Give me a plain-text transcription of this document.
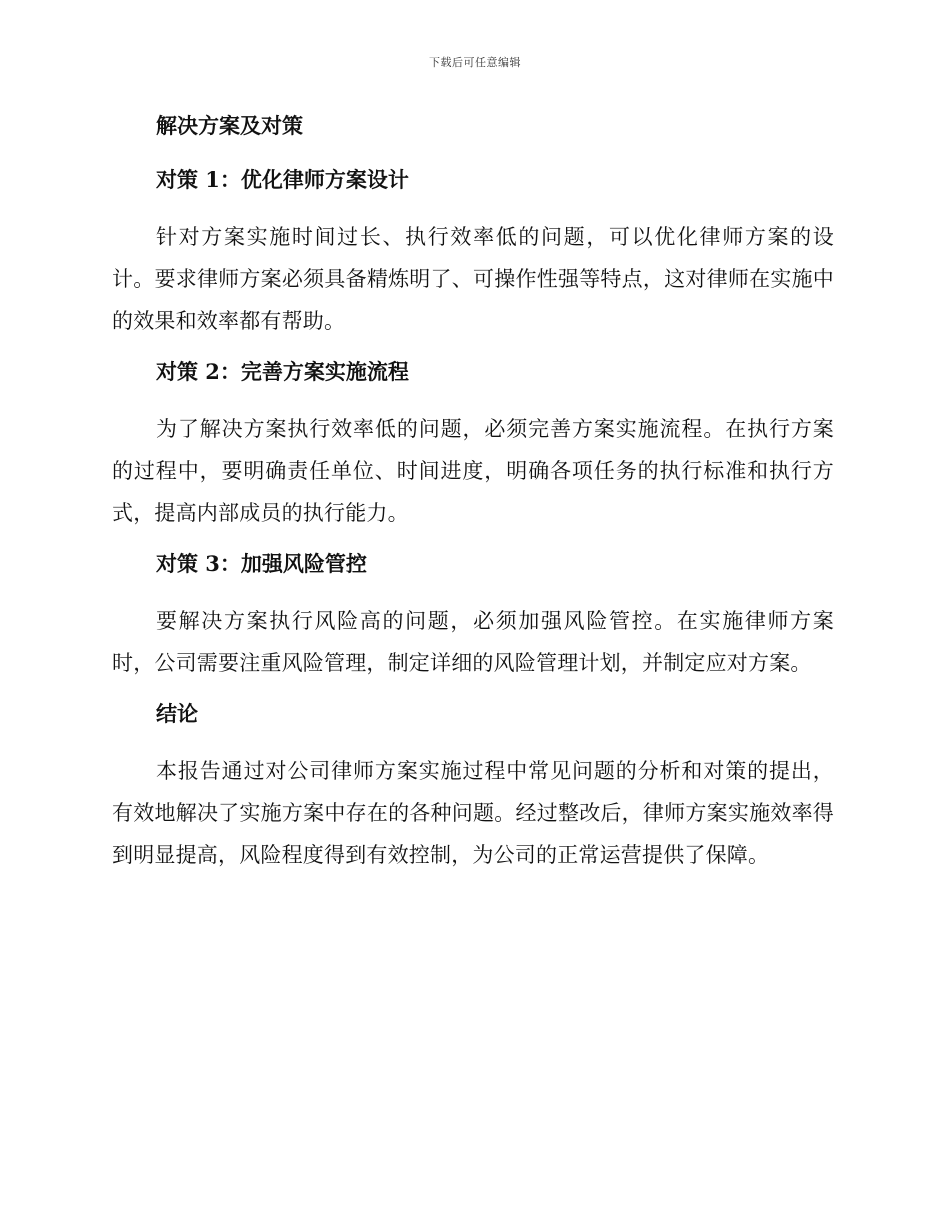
下载后可任意编辑
解决方案及对策
对策 1：优化律师方案设计

针对方案实施时间过长、执行效率低的问题，可以优化律师方案的设计。要求律师方案必须具备精炼明了、可操作性强等特点，这对律师在实施中的效果和效率都有帮助。

对策 2：完善方案实施流程

为了解决方案执行效率低的问题，必须完善方案实施流程。在执行方案的过程中，要明确责任单位、时间进度，明确各项任务的执行标准和执行方式，提高内部成员的执行能力。

对策 3：加强风险管控

要解决方案执行风险高的问题，必须加强风险管控。在实施律师方案时，公司需要注重风险管理，制定详细的风险管理计划，并制定应对方案。

结论

本报告通过对公司律师方案实施过程中常见问题的分析和对策的提出，有效地解决了实施方案中存在的各种问题。经过整改后，律师方案实施效率得到明显提高，风险程度得到有效控制，为公司的正常运营提供了保障。
